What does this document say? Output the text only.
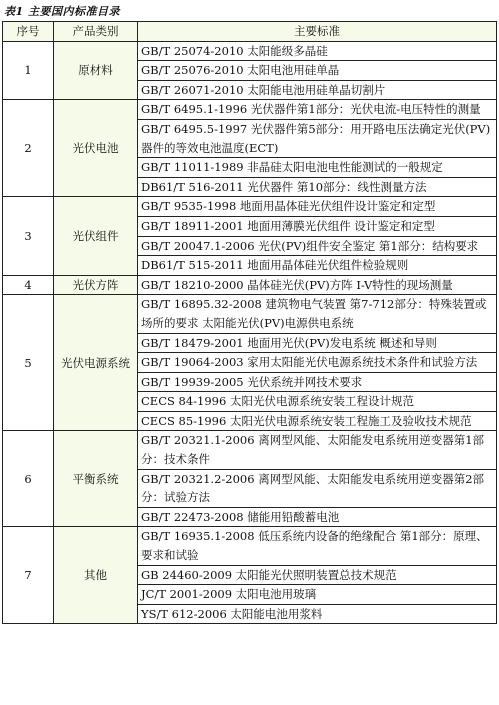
表1 主要国内标准目录
序号	产品类别	主要标准
1	原材料	GB/T 25074-2010 太阳能级多晶硅
		GB/T 25076-2010 太阳电池用硅单晶
		GB/T 26071-2010 太阳能电池用硅单晶切割片
2	光伏电池	GB/T 6495.1-1996 光伏器件第1部分：光伏电流-电压特性的测量
		GB/T 6495.5-1997 光伏器件第5部分：用开路电压法确定光伏(PV)器件的等效电池温度(ECT)
		GB/T 11011-1989 非晶硅太阳电池电性能测试的一般规定
		DB61/T 516-2011 光伏器件 第10部分：线性测量方法
3	光伏组件	GB/T 9535-1998 地面用晶体硅光伏组件设计鉴定和定型
		GB/T 18911-2001 地面用薄膜光伏组件 设计鉴定和定型
		GB/T 20047.1-2006 光伏(PV)组件安全鉴定 第1部分：结构要求
		DB61/T 515-2011 地面用晶体硅光伏组件检验规则
4	光伏方阵	GB/T 18210-2000 晶体硅光伏(PV)方阵 I-V特性的现场测量
5	光伏电源系统	GB/T 16895.32-2008 建筑物电气装置 第7-712部分：特殊装置或场所的要求 太阳能光伏(PV)电源供电系统
		GB/T 18479-2001 地面用光伏(PV)发电系统 概述和导则
		GB/T 19064-2003 家用太阳能光伏电源系统技术条件和试验方法
		GB/T 19939-2005 光伏系统并网技术要求
		CECS 84-1996 太阳光伏电源系统安装工程设计规范
		CECS 85-1996 太阳光伏电源系统安装工程施工及验收技术规范
6	平衡系统	GB/T 20321.1-2006 离网型风能、太阳能发电系统用逆变器第1部分：技术条件
		GB/T 20321.2-2006 离网型风能、太阳能发电系统用逆变器第2部分：试验方法
		GB/T 22473-2008 储能用铅酸蓄电池
7	其他	GB/T 16935.1-2008 低压系统内设备的绝缘配合 第1部分：原理、要求和试验
		GB 24460-2009 太阳能光伏照明装置总技术规范
		JC/T 2001-2009 太阳电池用玻璃
		YS/T 612-2006 太阳能电池用浆料
